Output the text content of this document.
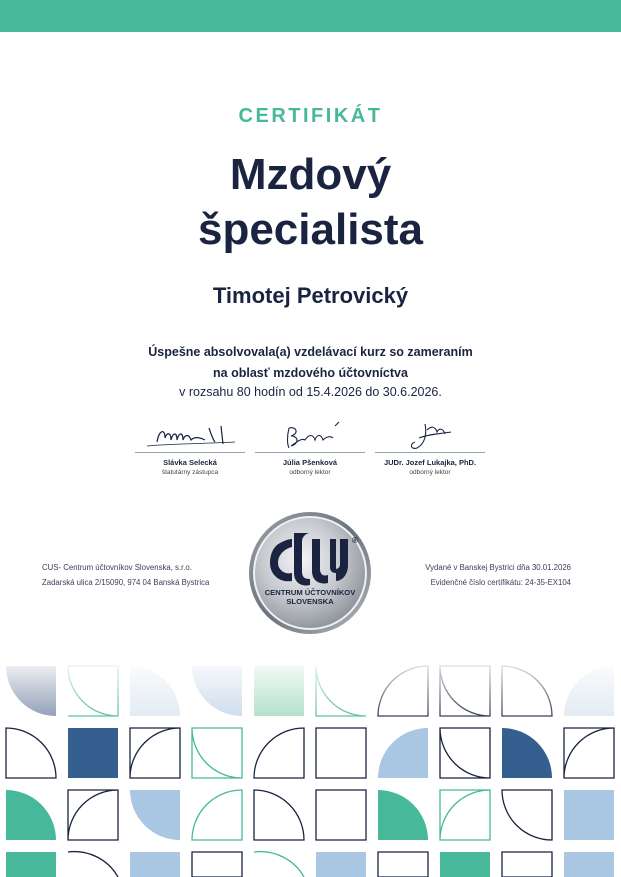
CERTIFIKÁT
Mzdový
špecialista
Timotej Petrovický
Úspešne absolvovala(a) vzdelávací kurz so zameraním
na oblasť mzdového účtovníctva
v rozsahu 80 hodín od 15.4.2026 do 30.6.2026.
Slávka Selecká
štatutárny zástupca
Júlia Pšenková
odborný lektor
JUDr. Jozef Lukajka, PhD.
odborný lektor
CUS- Centrum účtovníkov Slovenska, s.r.o.
Zadarská ulica 2/15090, 974 04 Banská Bystrica
Vydané v Banskej Bystrici dňa 30.01.2026
Evidenčné číslo certifikátu: 24-35-EX104
®
CENTRUM ÚČTOVNÍKOV
SLOVENSKA
